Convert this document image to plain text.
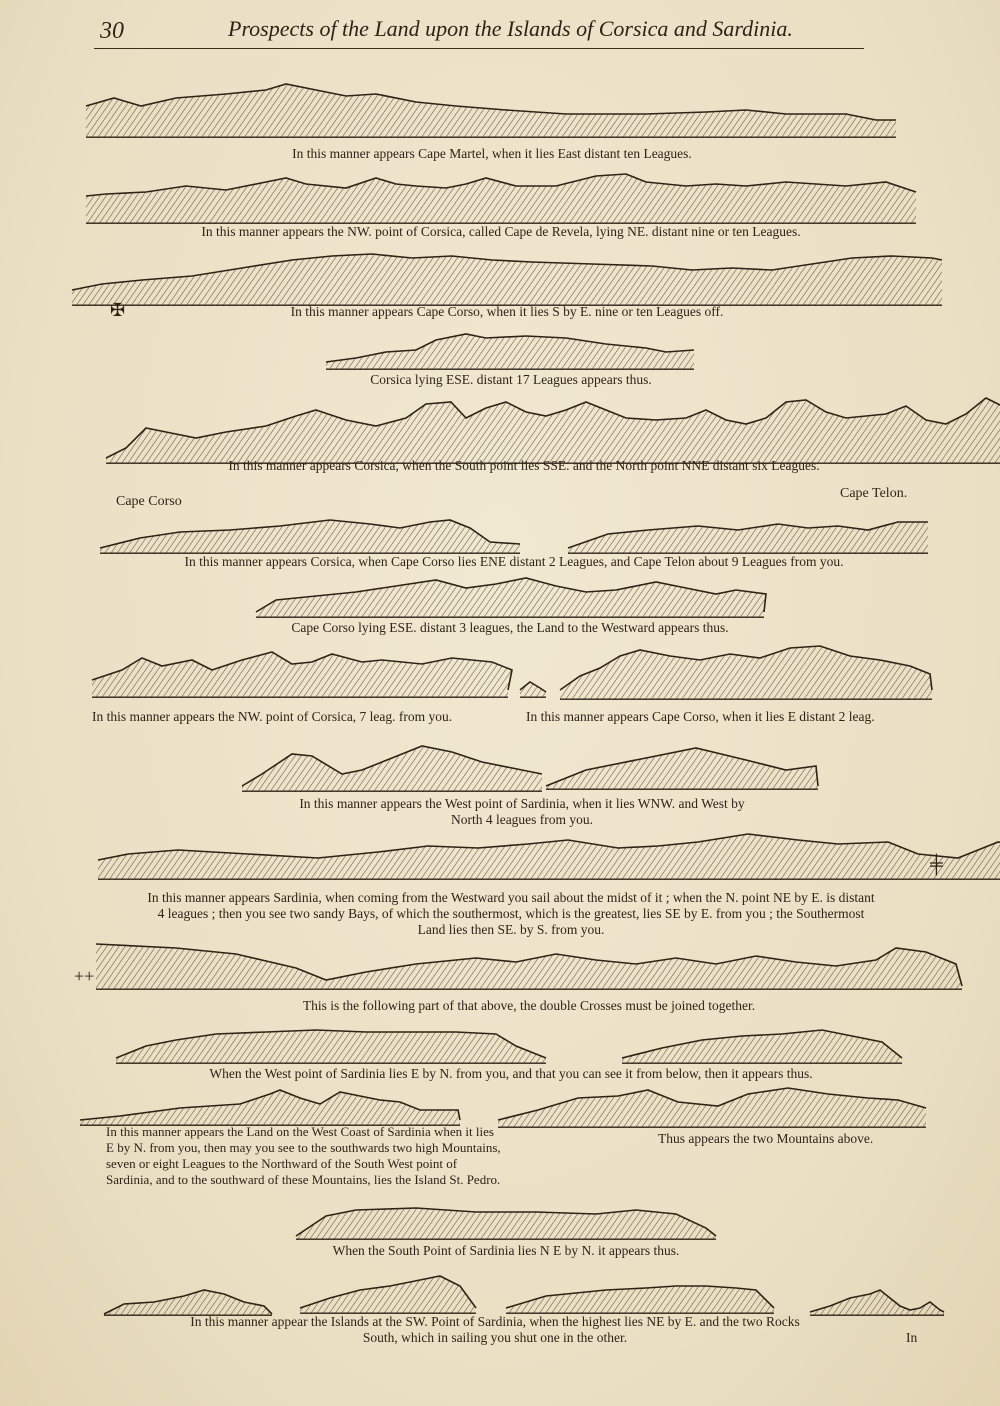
30	Prospects of the Land upon the Islands of Corsica and Sardinia.
In this manner appears Cape Martel, when it lies East distant ten Leagues.
In this manner appears the NW. point of Corsica, called Cape de Revela, lying NE. distant nine or ten Leagues.
✠	In this manner appears Cape Corso, when it lies S by E. nine or ten Leagues off.
Corsica lying ESE. distant 17 Leagues appears thus.
In this manner appears Corsica, when the South point lies SSE. and the North point NNE distant six Leagues.
Cape Corso
Cape Telon.
In this manner appears Corsica, when Cape Corso lies ENE distant 2 Leagues, and Cape Telon about 9 Leagues from you.
Cape Corso lying ESE. distant 3 leagues, the Land to the Westward appears thus.
In this manner appears the NW. point of Corsica, 7 leag. from you.	In this manner appears Cape Corso, when it lies E distant 2 leag.
In this manner appears the West point of Sardinia, when it lies WNW. and West by North 4 leagues from you.
╪
In this manner appears Sardinia, when coming from the Westward you sail about the midst of it ; when the N. point NE by E. is distant 4 leagues ; then you see two sandy Bays, of which the southermost, which is the greatest, lies SE by E. from you ; the Southermost Land lies then SE. by S. from you.
++
This is the following part of that above, the double Crosses must be joined together.
When the West point of Sardinia lies E by N. from you, and that you can see it from below, then it appears thus.
In this manner appears the Land on the West Coast of Sardinia when it lies E by N. from you, then may you see to the southwards two high Mountains, seven or eight Leagues to the Northward of the South West point of Sardinia, and to the southward of these Mountains, lies the Island St. Pedro.
Thus appears the two Mountains above.
When the South Point of Sardinia lies N E by N. it appears thus.
In this manner appear the Islands at the SW. Point of Sardinia, when the highest lies NE by E. and the two Rocks South, which in sailing you shut one in the other.	In
